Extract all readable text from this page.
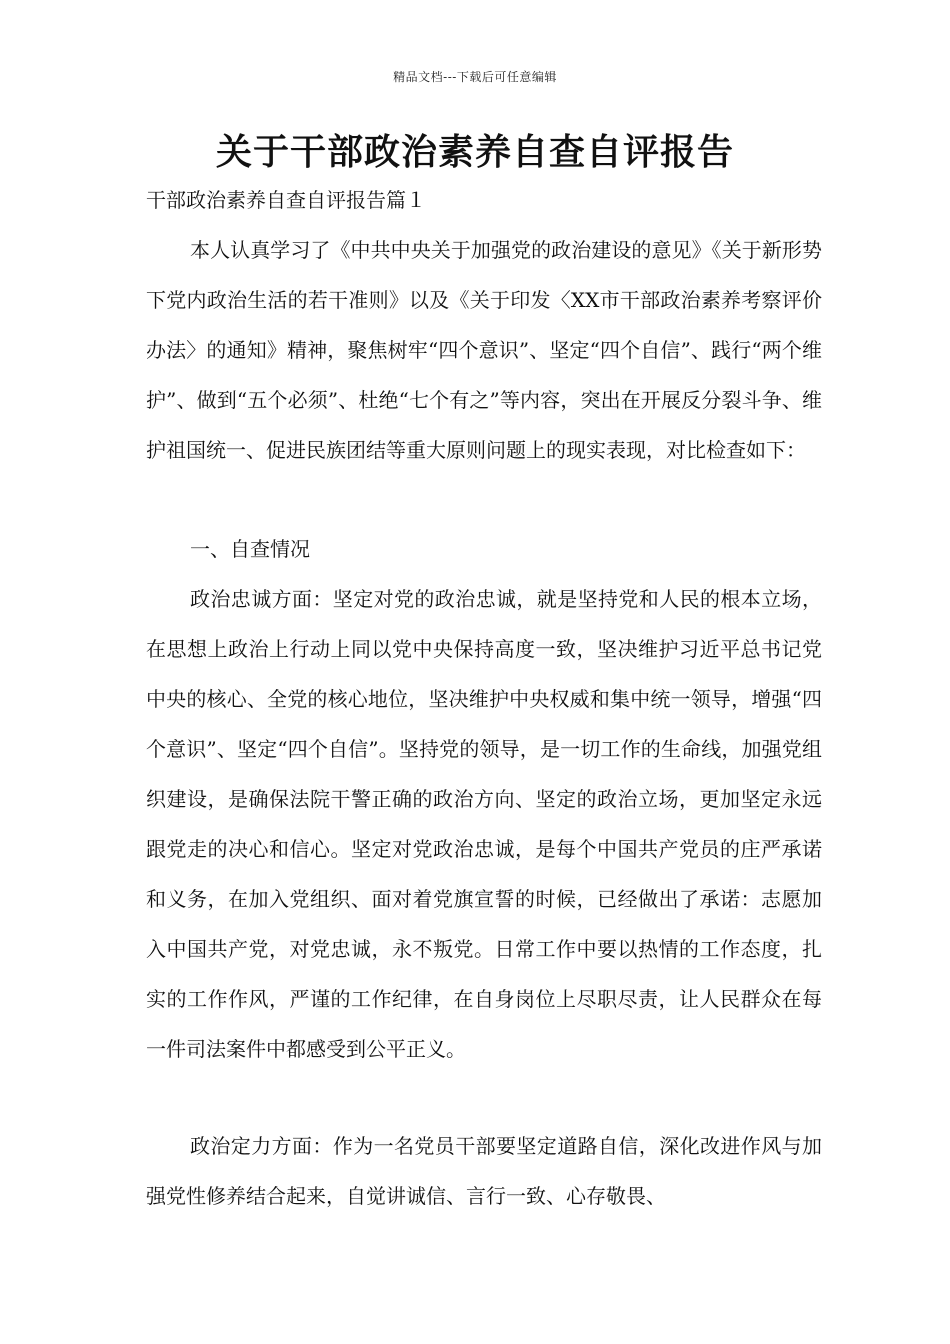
精品文档---下载后可任意编辑
关于干部政治素养自查自评报告

干部政治素养自查自评报告篇１

本人认真学习了《中共中央关于加强党的政治建设的意见》《关于新形势下党内政治生活的若干准则》以及《关于印发〈XX市干部政治素养考察评价办法〉的通知》精神，聚焦树牢“四个意识”、坚定“四个自信”、践行“两个维护”、做到“五个必须”、杜绝“七个有之”等内容，突出在开展反分裂斗争、维护祖国统一、促进民族团结等重大原则问题上的现实表现，对比检查如下：

一、自查情况

政治忠诚方面：坚定对党的政治忠诚，就是坚持党和人民的根本立场，在思想上政治上行动上同以党中央保持高度一致，坚决维护习近平总书记党中央的核心、全党的核心地位，坚决维护中央权威和集中统一领导，增强“四个意识”、坚定“四个自信”。坚持党的领导，是一切工作的生命线，加强党组织建设，是确保法院干警正确的政治方向、坚定的政治立场，更加坚定永远跟党走的决心和信心。坚定对党政治忠诚，是每个中国共产党员的庄严承诺和义务，在加入党组织、面对着党旗宣誓的时候，已经做出了承诺：志愿加入中国共产党，对党忠诚，永不叛党。日常工作中要以热情的工作态度，扎实的工作作风，严谨的工作纪律，在自身岗位上尽职尽责，让人民群众在每一件司法案件中都感受到公平正义。

政治定力方面：作为一名党员干部要坚定道路自信，深化改进作风与加强党性修养结合起来，自觉讲诚信、言行一致、心存敬畏、
